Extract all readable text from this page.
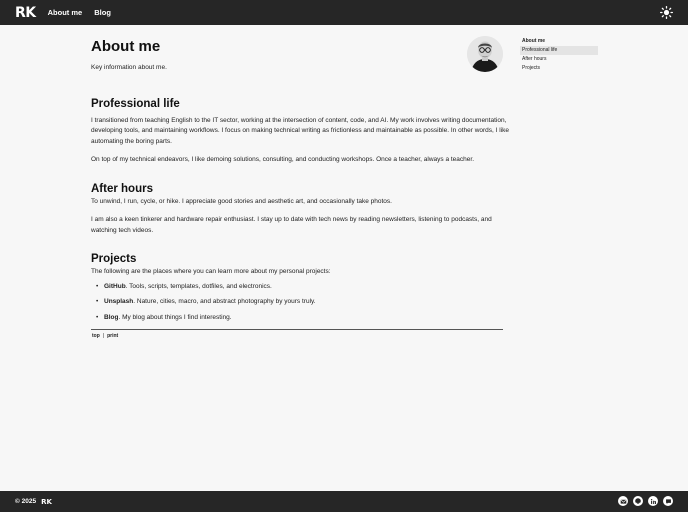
RK About me Blog
About me
Professional life
After hours
Projects
About me

Key information about me.

Professional life

I transitioned from teaching English to the IT sector, working at the intersection of content, code, and AI. My work involves writing documentation, developing tools, and maintaining workflows. I focus on making technical writing as frictionless and maintainable as possible. In other words, I like automating the boring parts.

On top of my technical endeavors, I like demoing solutions, consulting, and conducting workshops. Once a teacher, always a teacher.

After hours

To unwind, I run, cycle, or hike. I appreciate good stories and aesthetic art, and occasionally take photos.

I am also a keen tinkerer and hardware repair enthusiast. I stay up to date with tech news by reading newsletters, listening to podcasts, and watching tech videos.

Projects

The following are the places where you can learn more about my personal projects:

• GitHub. Tools, scripts, templates, dotfiles, and electronics.
• Unsplash. Nature, cities, macro, and abstract photography by yours truly.
• Blog. My blog about things I find interesting.
top | print
© 2025 RK
